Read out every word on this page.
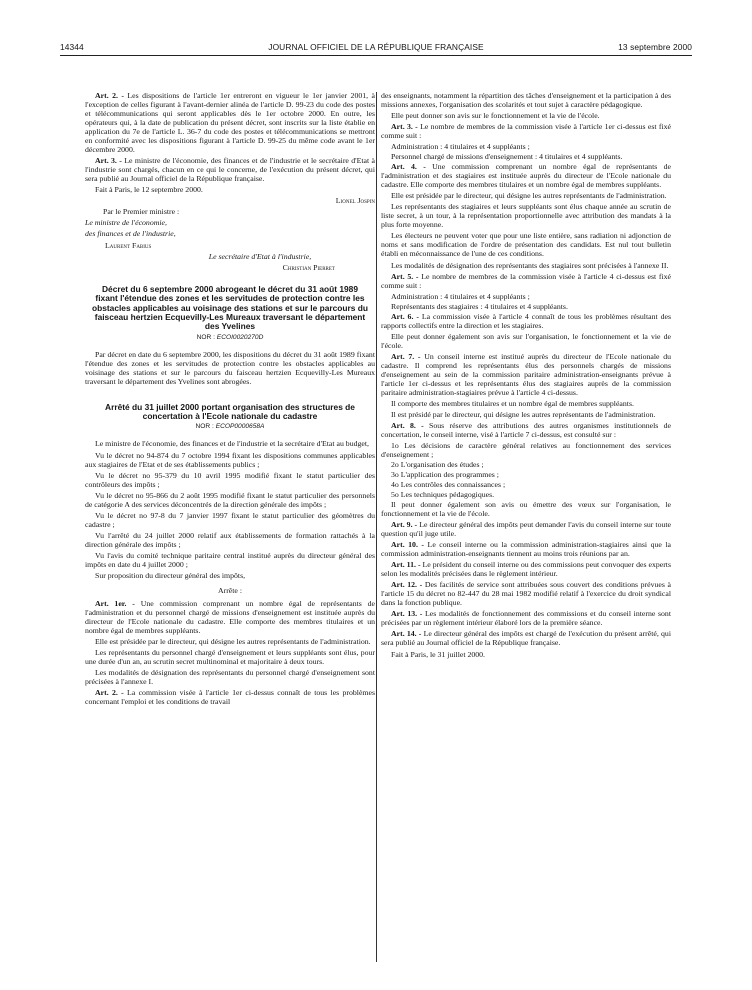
14344	JOURNAL OFFICIEL DE LA RÉPUBLIQUE FRANÇAISE	13 septembre 2000

Art. 2. - Les dispositions de l'article 1er entreront en vigueur le 1er janvier 2001, à l'exception de celles figurant à l'avant-dernier alinéa de l'article D. 99-23 du code des postes et télécommunications qui seront applicables dès le 1er octobre 2000. En outre, les opérateurs qui, à la date de publication du présent décret, sont inscrits sur la liste établie en application du 7e de l'article L. 36-7 du code des postes et télécommunications se mettront en conformité avec les dispositions figurant à l'article D. 99-25 du même code avant le 1er décembre 2000.

Art. 3. - Le ministre de l'économie, des finances et de l'industrie et le secrétaire d'Etat à l'industrie sont chargés, chacun en ce qui le concerne, de l'exécution du présent décret, qui sera publié au Journal officiel de la République française.

Fait à Paris, le 12 septembre 2000.

Lionel Jospin

Par le Premier ministre :

Le ministre de l'économie,

des finances et de l'industrie,

Laurent Fabius

Le secrétaire d'Etat à l'industrie,

Christian Pierret

Décret du 6 septembre 2000 abrogeant le décret du 31 août 1989 fixant l'étendue des zones et les servitudes de protection contre les obstacles applicables au voisinage des stations et sur le parcours du faisceau hertzien Ecquevilly-Les Mureaux traversant le département des Yvelines
NOR : ECOI0020270D

Par décret en date du 6 septembre 2000, les dispositions du décret du 31 août 1989 fixant l'étendue des zones et les servitudes de protection contre les obstacles applicables au voisinage des stations et sur le parcours du faisceau hertzien Ecquevilly-Les Mureaux traversant le département des Yvelines sont abrogées.

Arrêté du 31 juillet 2000 portant organisation des structures de concertation à l'Ecole nationale du cadastre
NOR : ECOP0000658A

Le ministre de l'économie, des finances et de l'industrie et la secrétaire d'Etat au budget,

Vu le décret no 94-874 du 7 octobre 1994 fixant les dispositions communes applicables aux stagiaires de l'Etat et de ses établissements publics ;

Vu le décret no 95-379 du 10 avril 1995 modifié fixant le statut particulier des contrôleurs des impôts ;

Vu le décret no 95-866 du 2 août 1995 modifié fixant le statut particulier des personnels de catégorie A des services déconcentrés de la direction générale des impôts ;

Vu le décret no 97-8 du 7 janvier 1997 fixant le statut particulier des géomètres du cadastre ;

Vu l'arrêté du 24 juillet 2000 relatif aux établissements de formation rattachés à la direction générale des impôts ;

Vu l'avis du comité technique paritaire central institué auprès du directeur général des impôts en date du 4 juillet 2000 ;

Sur proposition du directeur général des impôts,

Arrête :

Art. 1er. - Une commission comprenant un nombre égal de représentants de l'administration et du personnel chargé de missions d'enseignement est instituée auprès du directeur de l'Ecole nationale du cadastre. Elle comporte des membres titulaires et un nombre égal de membres suppléants.

Elle est présidée par le directeur, qui désigne les autres représentants de l'administration.

Les représentants du personnel chargé d'enseignement et leurs suppléants sont élus, pour une durée d'un an, au scrutin secret multinominal et majoritaire à deux tours.

Les modalités de désignation des représentants du personnel chargé d'enseignement sont précisées à l'annexe I.

Art. 2. - La commission visée à l'article 1er ci-dessus connaît de tous les problèmes concernant l'emploi et les conditions de travail

des enseignants, notamment la répartition des tâches d'enseignement et la participation à des missions annexes, l'organisation des scolarités et tout sujet à caractère pédagogique.

Elle peut donner son avis sur le fonctionnement et la vie de l'école.

Art. 3. - Le nombre de membres de la commission visée à l'article 1er ci-dessus est fixé comme suit :

Administration : 4 titulaires et 4 suppléants ;

Personnel chargé de missions d'enseignement : 4 titulaires et 4 suppléants.

Art. 4. - Une commission comprenant un nombre égal de représentants de l'administration et des stagiaires est instituée auprès du directeur de l'Ecole nationale du cadastre. Elle comporte des membres titulaires et un nombre égal de membres suppléants.

Elle est présidée par le directeur, qui désigne les autres représentants de l'administration.

Les représentants des stagiaires et leurs suppléants sont élus chaque année au scrutin de liste secret, à un tour, à la représentation proportionnelle avec attribution des mandats à la plus forte moyenne.

Les électeurs ne peuvent voter que pour une liste entière, sans radiation ni adjonction de noms et sans modification de l'ordre de présentation des candidats. Est nul tout bulletin établi en méconnaissance de l'une de ces conditions.

Les modalités de désignation des représentants des stagiaires sont précisées à l'annexe II.

Art. 5. - Le nombre de membres de la commission visée à l'article 4 ci-dessus est fixé comme suit :

Administration : 4 titulaires et 4 suppléants ;

Représentants des stagiaires : 4 titulaires et 4 suppléants.

Art. 6. - La commission visée à l'article 4 connaît de tous les problèmes résultant des rapports collectifs entre la direction et les stagiaires.

Elle peut donner également son avis sur l'organisation, le fonctionnement et la vie de l'école.

Art. 7. - Un conseil interne est institué auprès du directeur de l'Ecole nationale du cadastre. Il comprend les représentants élus des personnels chargés de missions d'enseignement au sein de la commission paritaire administration-enseignants prévue à l'article 1er ci-dessus et les représentants élus des stagiaires auprès de la commission paritaire administration-stagiaires prévue à l'article 4 ci-dessus.

Il comporte des membres titulaires et un nombre égal de membres suppléants.

Il est présidé par le directeur, qui désigne les autres représentants de l'administration.

Art. 8. - Sous réserve des attributions des autres organismes institutionnels de concertation, le conseil interne, visé à l'article 7 ci-dessus, est consulté sur :

1o Les décisions de caractère général relatives au fonctionnement des services d'enseignement ;

2o L'organisation des études ;

3o L'application des programmes ;

4o Les contrôles des connaissances ;

5o Les techniques pédagogiques.

Il peut donner également son avis ou émettre des vœux sur l'organisation, le fonctionnement et la vie de l'école.

Art. 9. - Le directeur général des impôts peut demander l'avis du conseil interne sur toute question qu'il juge utile.

Art. 10. - Le conseil interne ou la commission administration-stagiaires ainsi que la commission administration-enseignants tiennent au moins trois réunions par an.

Art. 11. - Le président du conseil interne ou des commissions peut convoquer des experts selon les modalités précisées dans le règlement intérieur.

Art. 12. - Des facilités de service sont attribuées sous couvert des conditions prévues à l'article 15 du décret no 82-447 du 28 mai 1982 modifié relatif à l'exercice du droit syndical dans la fonction publique.

Art. 13. - Les modalités de fonctionnement des commissions et du conseil interne sont précisées par un règlement intérieur élaboré lors de la première séance.

Art. 14. - Le directeur général des impôts est chargé de l'exécution du présent arrêté, qui sera publié au Journal officiel de la République française.

Fait à Paris, le 31 juillet 2000.
